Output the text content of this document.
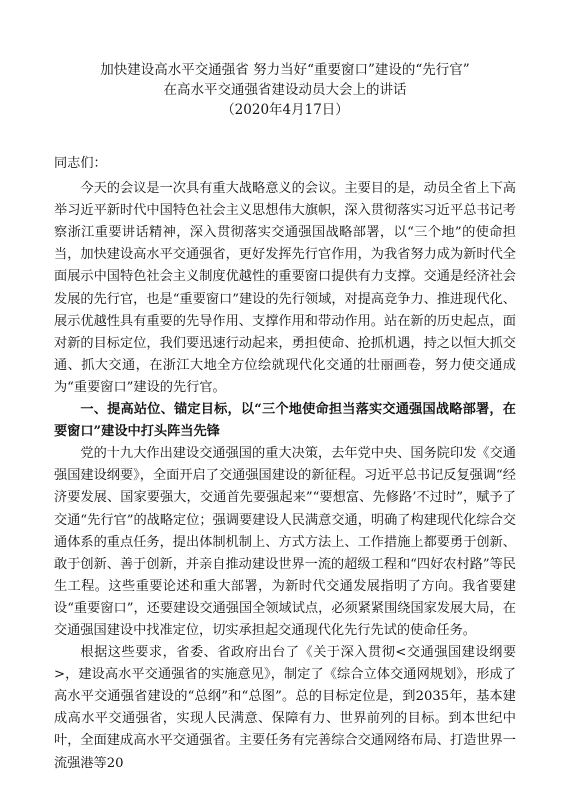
加快建设高水平交通强省 努力当好“重要窗口”建设的“先行官”
在高水平交通强省建设动员大会上的讲话
（2020年4月17日）
同志们：

今天的会议是一次具有重大战略意义的会议。主要目的是，动员全省上下高举习近平新时代中国特色社会主义思想伟大旗帜，深入贯彻落实习近平总书记考察浙江重要讲话精神，深入贯彻落实交通强国战略部署，以“三个地”的使命担当，加快建设高水平交通强省，更好发挥先行官作用，为我省努力成为新时代全面展示中国特色社会主义制度优越性的重要窗口提供有力支撑。交通是经济社会发展的先行官，也是“重要窗口”建设的先行领域，对提高竞争力、推进现代化、展示优越性具有重要的先导作用、支撑作用和带动作用。站在新的历史起点，面对新的目标定位，我们要迅速行动起来，勇担使命、抢抓机遇，持之以恒大抓交通、抓大交通，在浙江大地全方位绘就现代化交通的壮丽画卷，努力使交通成为“重要窗口”建设的先行官。

一、提高站位、锚定目标，以“三个地使命担当落实交通强国战略部署，在要窗口”建设中打头阵当先锋

党的十九大作出建设交通强国的重大决策，去年党中央、国务院印发《交通强国建设纲要》，全面开启了交通强国建设的新征程。习近平总书记反复强调“经济要发展、国家要强大，交通首先要强起来”“要想富、先修路’不过时”，赋予了交通“先行官”的战略定位；强调要建设人民满意交通，明确了构建现代化综合交通体系的重点任务，提出体制机制上、方式方法上、工作措施上都要勇于创新、敢于创新、善于创新，并亲自推动建设世界一流的超级工程和“四好农村路”等民生工程。这些重要论述和重大部署，为新时代交通发展指明了方向。我省要建设“重要窗口”，还要建设交通强国全领域试点，必须紧紧围绕国家发展大局，在交通强国建设中找准定位，切实承担起交通现代化先行先试的使命任务。

根据这些要求，省委、省政府出台了《关于深入贯彻<交通强国建设纲要>，建设高水平交通强省的实施意见》，制定了《综合立体交通网规划》，形成了高水平交通强省建设的“总纲”和“总图”。总的目标定位是，到2035年，基本建成高水平交通强省，实现人民满意、保障有力、世界前列的目标。到本世纪中叶，全面建成高水平交通强省。主要任务有完善综合交通网络布局、打造世界一流强港等20
